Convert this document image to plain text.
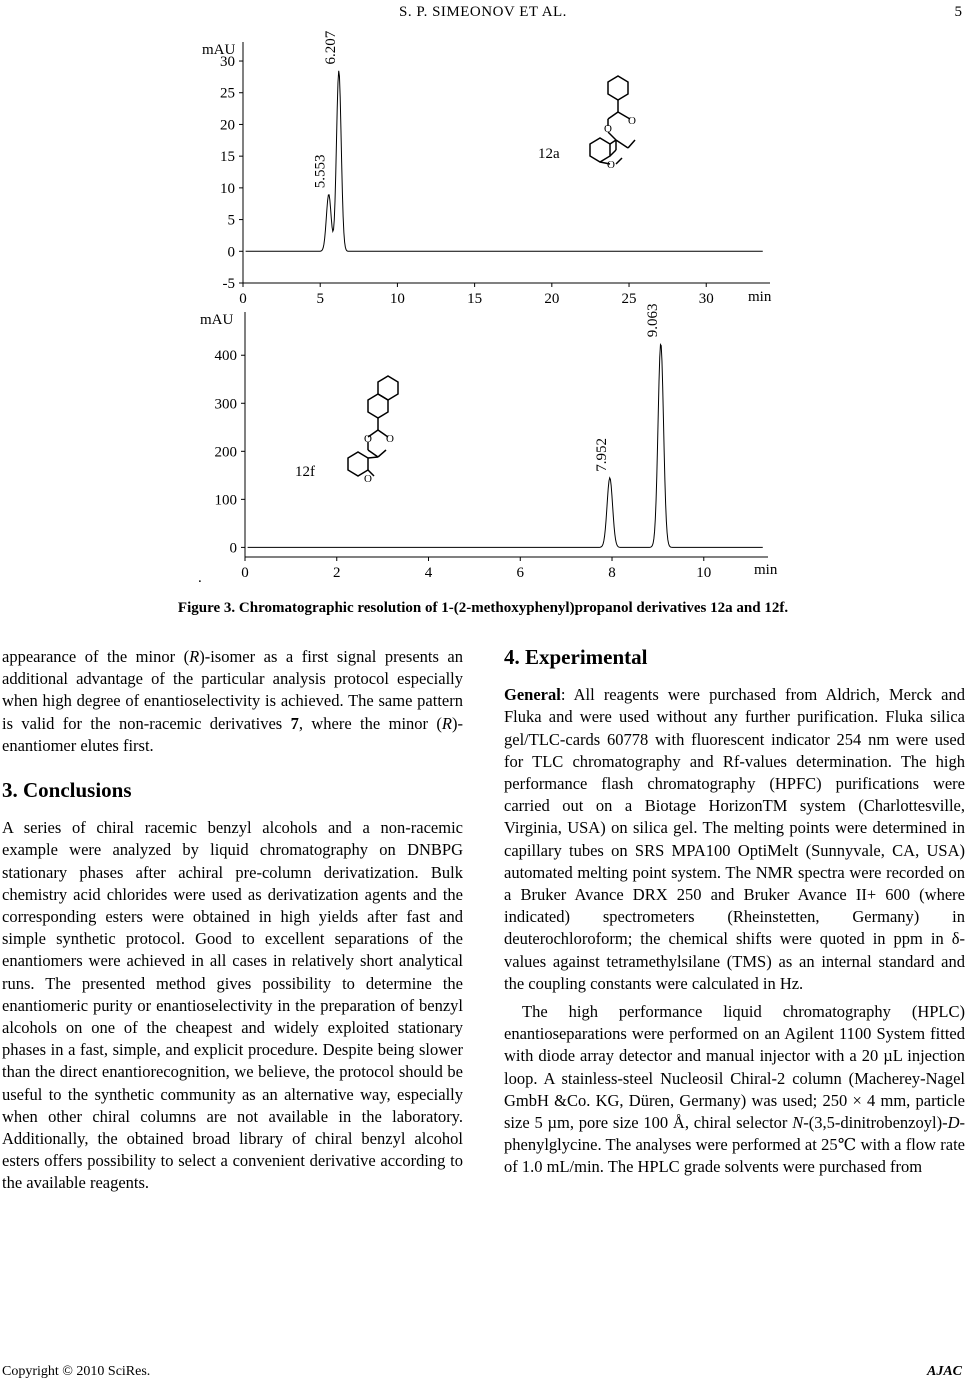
S. P. SIMEONOV ET AL.	5
mAU
min
12a
-5
0
5
10
15
20
25
30
0	5	10	15	20	25	30
5.553
6.207
O
O
O
mAU
min
12f
.
0
100
200
300
400
0	2	4	6	8	10
7.952
9.063
O O
O
Figure 3. Chromatographic resolution of 1-(2-methoxyphenyl)propanol derivatives 12a and 12f.

appearance of the minor (R)-isomer as a first signal presents an additional advantage of the particular analysis protocol especially when high degree of enantioselectivity is achieved. The same pattern is valid for the non-racemic derivatives 7, where the minor (R)-enantiomer elutes first.

3. Conclusions

A series of chiral racemic benzyl alcohols and a non-racemic example were analyzed by liquid chromatography on DNBPG stationary phases after achiral pre-column derivatization. Bulk chemistry acid chlorides were used as derivatization agents and the corresponding esters were obtained in high yields after fast and simple synthetic protocol. Good to excellent separations of the enantiomers were achieved in all cases in relatively short analytical runs. The presented method gives possibility to determine the enantiomeric purity or enantioselectivity in the preparation of benzyl alcohols on one of the cheapest and widely exploited stationary phases in a fast, simple, and explicit procedure. Despite being slower than the direct enantiorecognition, we believe, the protocol should be useful to the synthetic community as an alternative way, especially when other chiral columns are not available in the laboratory. Additionally, the obtained broad library of chiral benzyl alcohol esters offers possibility to select a convenient derivative according to the available reagents.

4. Experimental

General: All reagents were purchased from Aldrich, Merck and Fluka and were used without any further purification. Fluka silica gel/TLC-cards 60778 with fluorescent indicator 254 nm were used for TLC chromatography and Rf-values determination. The high performance flash chromatography (HPFC) purifications were carried out on a Biotage HorizonTM system (Charlottesville, Virginia, USA) on silica gel. The melting points were determined in capillary tubes on SRS MPA100 OptiMelt (Sunnyvale, CA, USA) automated melting point system. The NMR spectra were recorded on a Bruker Avance DRX 250 and Bruker Avance II+ 600 (where indicated) spectrometers (Rheinstetten, Germany) in deuterochloroform; the chemical shifts were quoted in ppm in δ-values against tetramethylsilane (TMS) as an internal standard and the coupling constants were calculated in Hz.

The high performance liquid chromatography (HPLC) enantioseparations were performed on an Agilent 1100 System fitted with diode array detector and manual injector with a 20 µL injection loop. A stainless-steel Nucleosil Chiral-2 column (Macherey-Nagel GmbH &Co. KG, Düren, Germany) was used; 250 × 4 mm, particle size 5 µm, pore size 100 Å, chiral selector N-(3,5-dinitrobenzoyl)-D-phenylglycine. The analyses were performed at 25℃ with a flow rate of 1.0 mL/min. The HPLC grade solvents were purchased from

Copyright © 2010 SciRes.	AJAC
